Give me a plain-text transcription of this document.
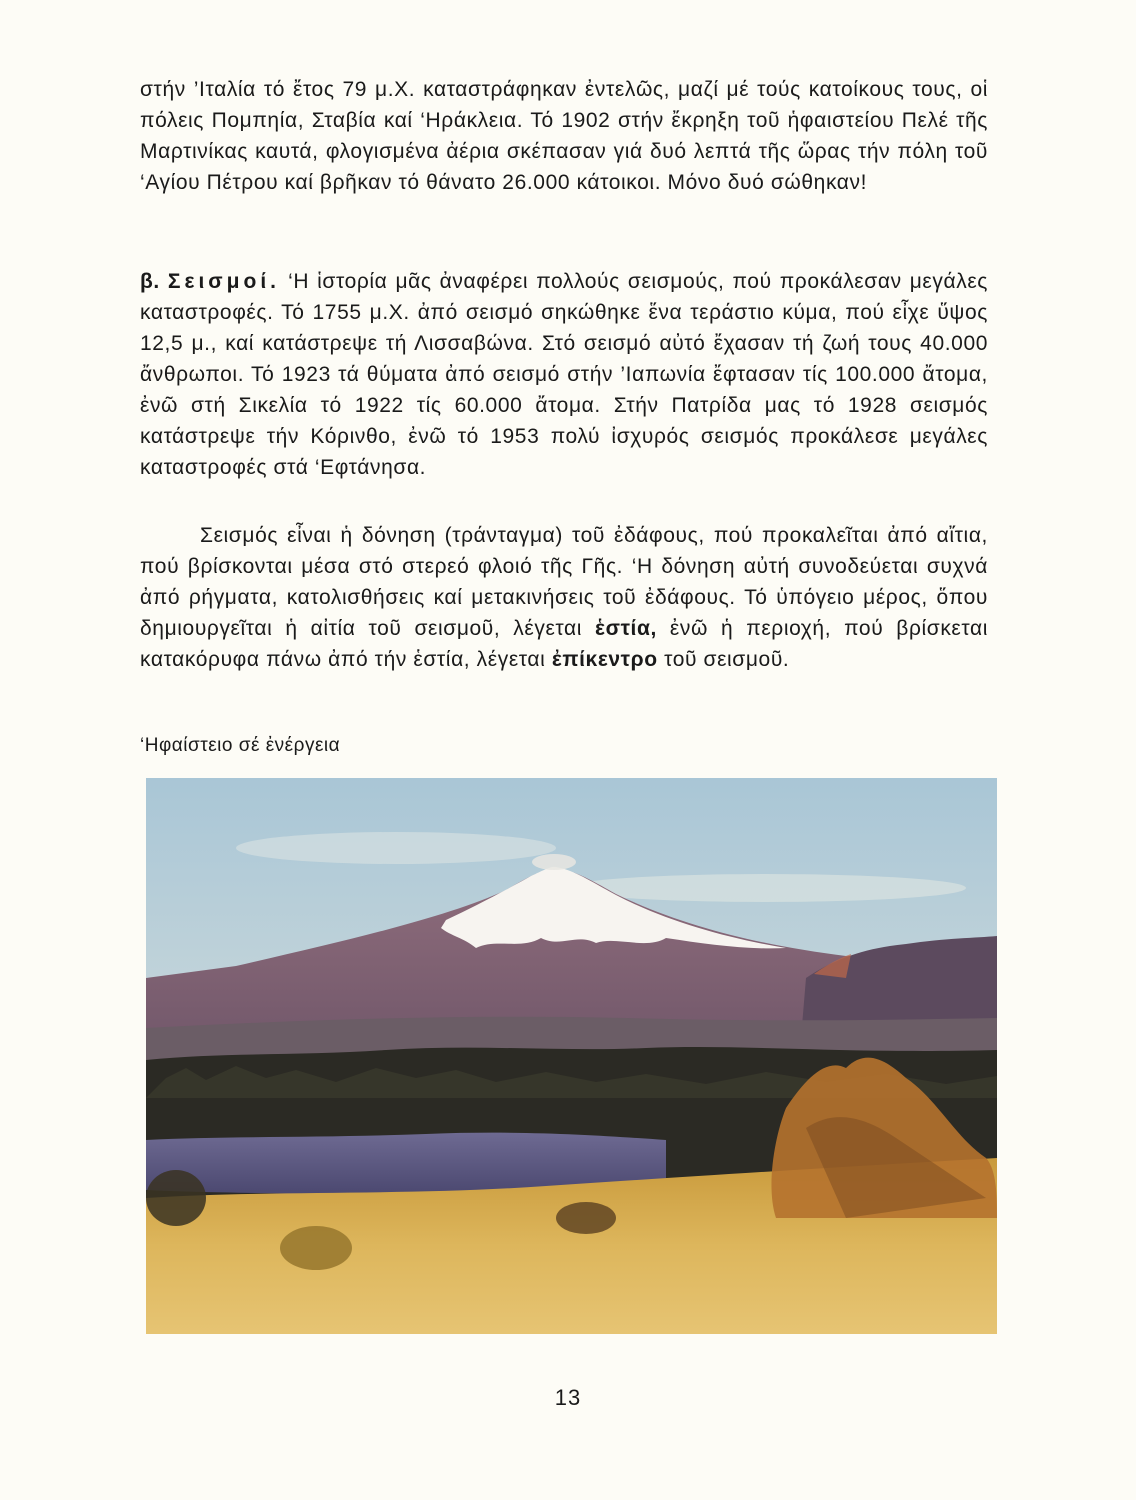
στήν ’Ιταλία τό ἔτος 79 μ.Χ. καταστράφηκαν ἐντελῶς, μαζί μέ τούς κατοίκους τους, οἱ πόλεις Πομπηία, Σταβία καί ‘Ηράκλεια. Τό 1902 στήν ἔκρηξη τοῦ ἡφαιστείου Πελέ τῆς Μαρτινίκας καυτά, φλογισμένα ἀέρια σκέπασαν γιά δυό λεπτά τῆς ὥρας τήν πόλη τοῦ ‘Αγίου Πέτρου καί βρῆκαν τό θάνατο 26.000 κάτοικοι. Μόνο δυό σώθηκαν!

β. Σεισμοί. ‘Η ἱστορία μᾶς ἀναφέρει πολλούς σεισμούς, πού προκάλεσαν μεγάλες καταστροφές. Τό 1755 μ.Χ. ἀπό σεισμό σηκώθηκε ἕνα τεράστιο κύμα, πού εἶχε ὕψος 12,5 μ., καί κατάστρεψε τή Λισσαβώνα. Στό σεισμό αὐτό ἔχασαν τή ζωή τους 40.000 ἄνθρωποι. Τό 1923 τά θύματα ἀπό σεισμό στήν ’Ιαπωνία ἔφτασαν τίς 100.000 ἄτομα, ἐνῶ στή Σικελία τό 1922 τίς 60.000 ἄτομα. Στήν Πατρίδα μας τό 1928 σεισμός κατάστρεψε τήν Κόρινθο, ἐνῶ τό 1953 πολύ ἰσχυρός σεισμός προκάλεσε μεγάλες καταστροφές στά ‘Εφτάνησα.

Σεισμός εἶναι ἡ δόνηση (τράνταγμα) τοῦ ἐδάφους, πού προκαλεῖται ἀπό αἴτια, πού βρίσκονται μέσα στό στερεό φλοιό τῆς Γῆς. ‘Η δόνηση αὐτή συνοδεύεται συχνά ἀπό ρήγματα, κατολισθήσεις καί μετακινήσεις τοῦ ἐδάφους. Τό ὑπόγειο μέρος, ὅπου δημιουργεῖται ἡ αἰτία τοῦ σεισμοῦ, λέγεται ἑστία, ἐνῶ ἡ περιοχή, πού βρίσκεται κατακόρυφα πάνω ἀπό τήν ἑστία, λέγεται ἐπίκεντρο τοῦ σεισμοῦ.

‘Ηφαίστειο σέ ἐνέργεια
13
